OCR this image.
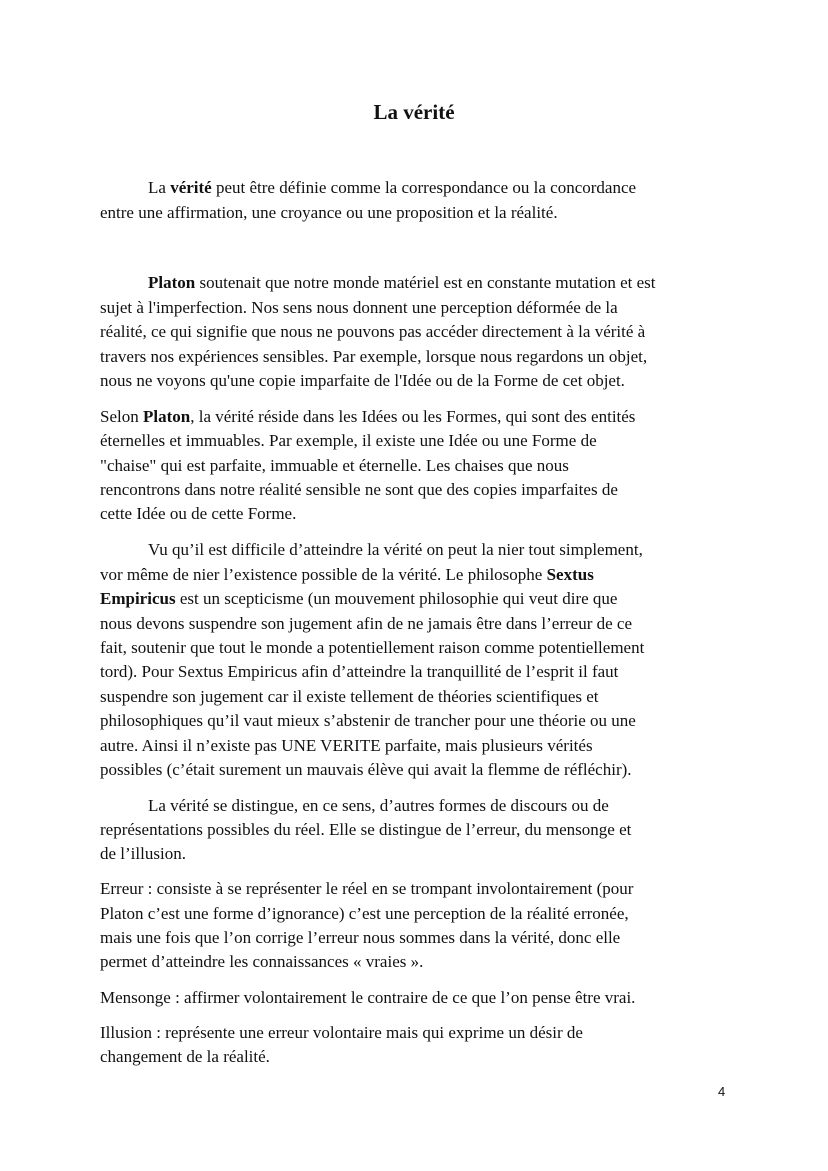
La vérité
La vérité peut être définie comme la correspondance ou la concordance
entre une affirmation, une croyance ou une proposition et la réalité.
Platon soutenait que notre monde matériel est en constante mutation et est
sujet à l'imperfection. Nos sens nous donnent une perception déformée de la
réalité, ce qui signifie que nous ne pouvons pas accéder directement à la vérité à
travers nos expériences sensibles. Par exemple, lorsque nous regardons un objet,
nous ne voyons qu'une copie imparfaite de l'Idée ou de la Forme de cet objet.
Selon Platon, la vérité réside dans les Idées ou les Formes, qui sont des entités
éternelles et immuables. Par exemple, il existe une Idée ou une Forme de
"chaise" qui est parfaite, immuable et éternelle. Les chaises que nous
rencontrons dans notre réalité sensible ne sont que des copies imparfaites de
cette Idée ou de cette Forme.
Vu qu’il est difficile d’atteindre la vérité on peut la nier tout simplement,
vor même de nier l’existence possible de la vérité. Le philosophe Sextus
Empiricus est un scepticisme (un mouvement philosophie qui veut dire que
nous devons suspendre son jugement afin de ne jamais être dans l’erreur de ce
fait, soutenir que tout le monde a potentiellement raison comme potentiellement
tord). Pour Sextus Empiricus afin d’atteindre la tranquillité de l’esprit il faut
suspendre son jugement car il existe tellement de théories scientifiques et
philosophiques qu’il vaut mieux s’abstenir de trancher pour une théorie ou une
autre. Ainsi il n’existe pas UNE VERITE parfaite, mais plusieurs vérités
possibles (c’était surement un mauvais élève qui avait la flemme de réfléchir).
La vérité se distingue, en ce sens, d’autres formes de discours ou de
représentations possibles du réel. Elle se distingue de l’erreur, du mensonge et
de l’illusion.
Erreur : consiste à se représenter le réel en se trompant involontairement (pour
Platon c’est une forme d’ignorance) c’est une perception de la réalité erronée,
mais une fois que l’on corrige l’erreur nous sommes dans la vérité, donc elle
permet d’atteindre les connaissances « vraies ».
Mensonge : affirmer volontairement le contraire de ce que l’on pense être vrai.
Illusion : représente une erreur volontaire mais qui exprime un désir de
changement de la réalité.
4
